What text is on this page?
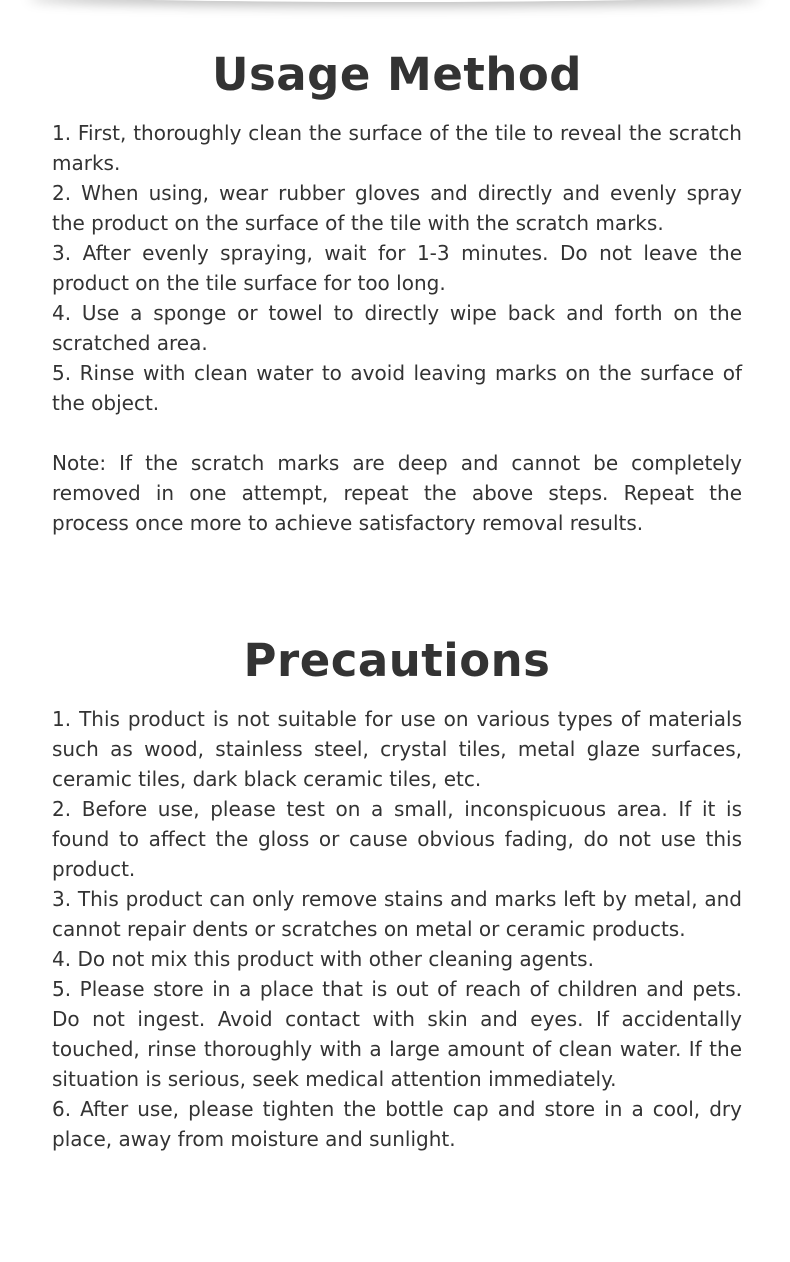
Usage Method

1. First, thoroughly clean the surface of the tile to reveal the scratch marks.

2. When using, wear rubber gloves and directly and evenly spray the product on the surface of the tile with the scratch marks.

3. After evenly spraying, wait for 1-3 minutes. Do not leave the product on the tile surface for too long.

4. Use a sponge or towel to directly wipe back and forth on the scratched area.

5. Rinse with clean water to avoid leaving marks on the surface of the object.

Note: If the scratch marks are deep and cannot be completely removed in one attempt, repeat the above steps. Repeat the process once more to achieve satisfactory removal results.

Precautions

1. This product is not suitable for use on various types of materials such as wood, stainless steel, crystal tiles, metal glaze surfaces, ceramic tiles, dark black ceramic tiles, etc.

2. Before use, please test on a small, inconspicuous area. If it is found to affect the gloss or cause obvious fading, do not use this product.

3. This product can only remove stains and marks left by metal, and cannot repair dents or scratches on metal or ceramic products.

4. Do not mix this product with other cleaning agents.

5. Please store in a place that is out of reach of children and pets. Do not ingest. Avoid contact with skin and eyes. If accidentally touched, rinse thoroughly with a large amount of clean water. If the situation is serious, seek medical attention immediately.

6. After use, please tighten the bottle cap and store in a cool, dry place, away from moisture and sunlight.
